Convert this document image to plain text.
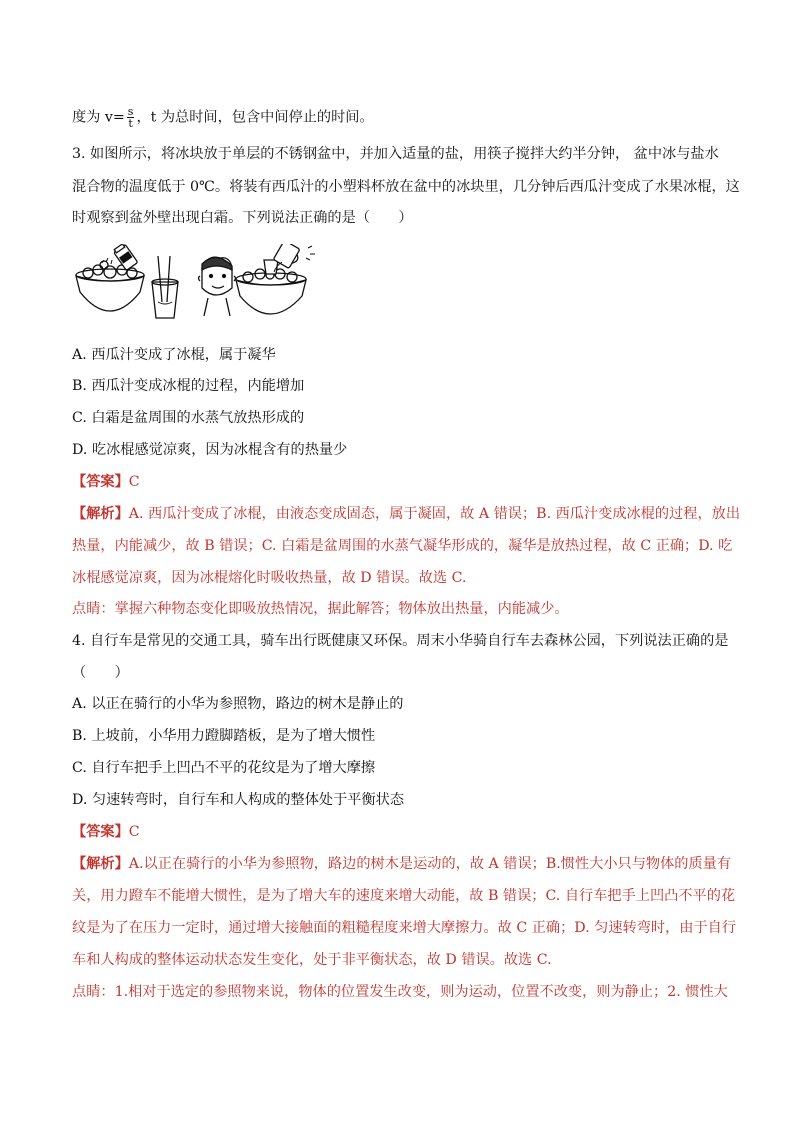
度为 $v= \frac{s}{t}$ ，t 为总时间，包含中间停止的时间。
3. 如图所示，将冰块放于单层的不锈钢盆中，并加入适量的盐，用筷子搅拌大约半分钟， 盆中冰与盐水
混合物的温度低于 0℃。将装有西瓜汁的小塑料杯放在盆中的冰块里，几分钟后西瓜汁变成了水果冰棍，这
时观察到盆外壁出现白霜。下列说法正确的是（　　）
A. 西瓜汁变成了冰棍，属于凝华
B. 西瓜汁变成冰棍的过程，内能增加
C. 白霜是盆周围的水蒸气放热形成的
D. 吃冰棍感觉凉爽，因为冰棍含有的热量少
【答案】C
【解析】A. 西瓜汁变成了冰棍，由液态变成固态，属于凝固，故 A 错误；B. 西瓜汁变成冰棍的过程，放出
热量，内能减少，故 B 错误；C. 白霜是盆周围的水蒸气凝华形成的，凝华是放热过程，故 C 正确；D. 吃
冰棍感觉凉爽，因为冰棍熔化时吸收热量，故 D 错误。故选 C.
点睛：掌握六种物态变化即吸放热情况，据此解答；物体放出热量，内能减少。
4. 自行车是常见的交通工具，骑车出行既健康又环保。周末小华骑自行车去森林公园，下列说法正确的是
（　　）
A. 以正在骑行的小华为参照物，路边的树木是静止的
B. 上坡前，小华用力蹬脚踏板，是为了增大惯性
C. 自行车把手上凹凸不平的花纹是为了增大摩擦
D. 匀速转弯时，自行车和人构成的整体处于平衡状态
【答案】C
【解析】A.以正在骑行的小华为参照物，路边的树木是运动的，故 A 错误；B.惯性大小只与物体的质量有
关，用力蹬车不能增大惯性，是为了增大车的速度来增大动能，故 B 错误；C. 自行车把手上凹凸不平的花
纹是为了在压力一定时，通过增大接触面的粗糙程度来增大摩擦力。故 C 正确；D. 匀速转弯时，由于自行
车和人构成的整体运动状态发生变化，处于非平衡状态，故 D 错误。故选 C.
点睛：1.相对于选定的参照物来说，物体的位置发生改变，则为运动，位置不改变，则为静止；2. 惯性大
